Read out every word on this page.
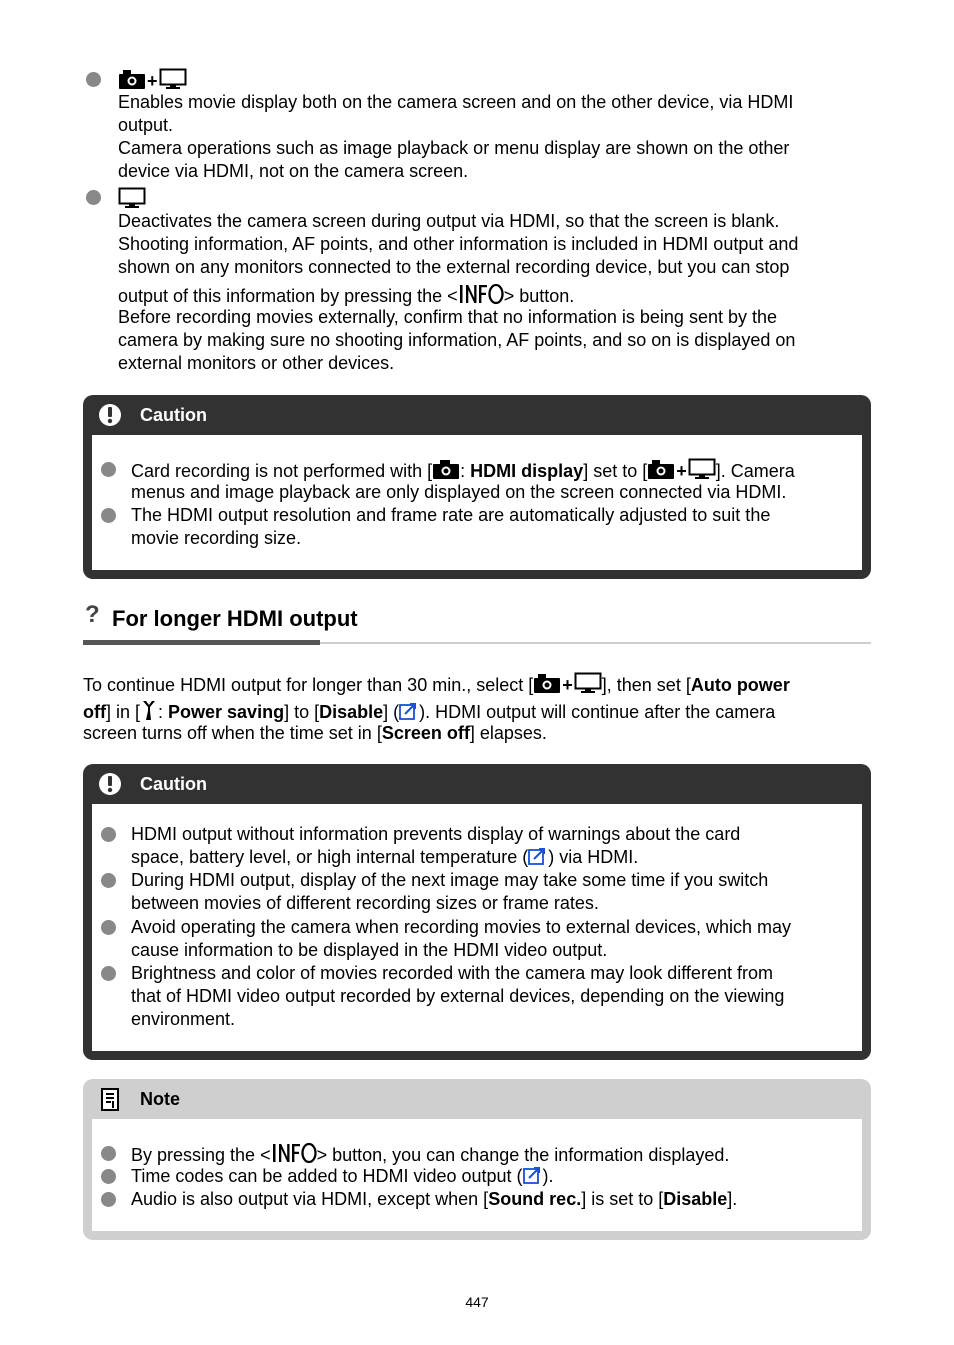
+
Enables movie display both on the camera screen and on the other device, via HDMI
output.
Camera operations such as image playback or menu display are shown on the other
device via HDMI, not on the camera screen.
Deactivates the camera screen during output via HDMI, so that the screen is blank.
Shooting information, AF points, and other information is included in HDMI output and
shown on any monitors connected to the external recording device, but you can stop
output of this information by pressing the <	> button.
Before recording movies externally, confirm that no information is being sent by the
camera by making sure no shooting information, AF points, and so on is displayed on
external monitors or other devices.
Caution
Card recording is not performed with [ : HDMI display] set to [ + ]. Camera
menus and image playback are only displayed on the screen connected via HDMI.
The HDMI output resolution and frame rate are automatically adjusted to suit the
movie recording size.
? For longer HDMI output
To continue HDMI output for longer than 30 min., select [ + ], then set [Auto power
off] in [ : Power saving] to [Disable] ( ). HDMI output will continue after the camera
screen turns off when the time set in [Screen off] elapses.
Caution
HDMI output without information prevents display of warnings about the card
space, battery level, or high internal temperature ( ) via HDMI.
During HDMI output, display of the next image may take some time if you switch
between movies of different recording sizes or frame rates.
Avoid operating the camera when recording movies to external devices, which may
cause information to be displayed in the HDMI video output.
Brightness and color of movies recorded with the camera may look different from
that of HDMI video output recorded by external devices, depending on the viewing
environment.
Note
By pressing the <	> button, you can change the information displayed.
Time codes can be added to HDMI video output ( ).
Audio is also output via HDMI, except when [Sound rec.] is set to [Disable].
447
